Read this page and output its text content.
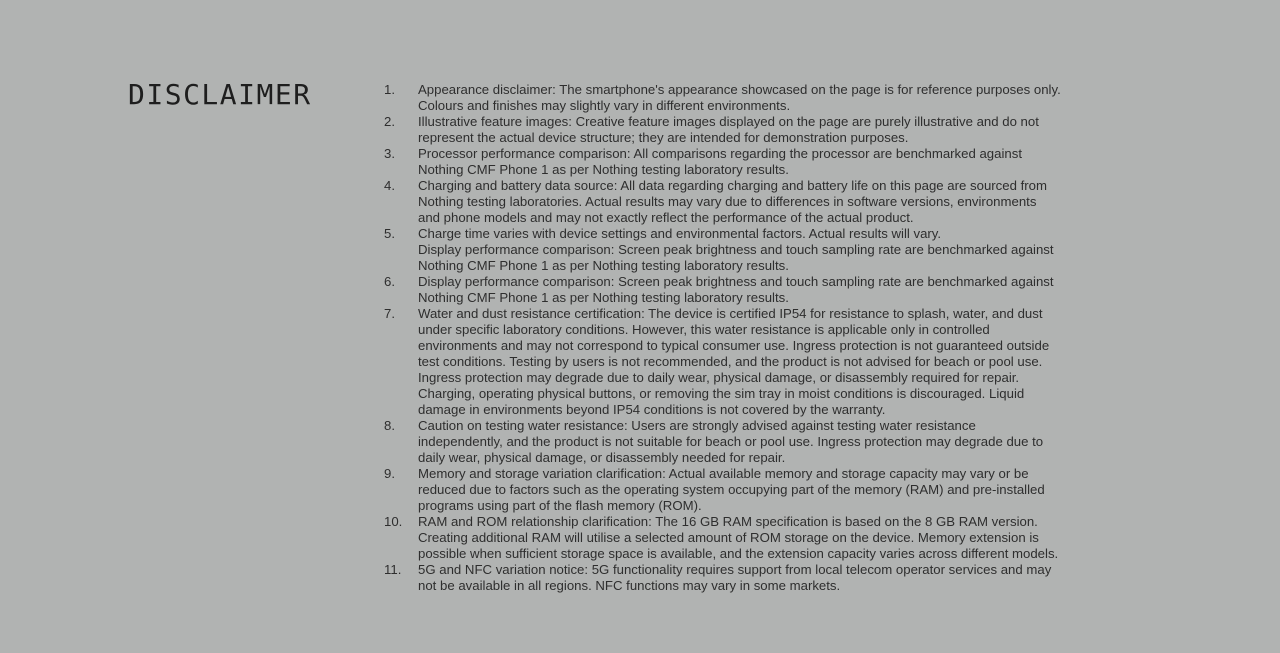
DISCLAIMER	1. Appearance disclaimer: The smartphone's appearance showcased on the page is for reference purposes only.
Colours and finishes may slightly vary in different environments.
2. Illustrative feature images: Creative feature images displayed on the page are purely illustrative and do not
represent the actual device structure; they are intended for demonstration purposes.
3. Processor performance comparison: All comparisons regarding the processor are benchmarked against
Nothing CMF Phone 1 as per Nothing testing laboratory results.
4. Charging and battery data source: All data regarding charging and battery life on this page are sourced from
Nothing testing laboratories. Actual results may vary due to differences in software versions, environments
and phone models and may not exactly reflect the performance of the actual product.
5. Charge time varies with device settings and environmental factors. Actual results will vary.
Display performance comparison: Screen peak brightness and touch sampling rate are benchmarked against
Nothing CMF Phone 1 as per Nothing testing laboratory results.
6. Display performance comparison: Screen peak brightness and touch sampling rate are benchmarked against
Nothing CMF Phone 1 as per Nothing testing laboratory results.
7. Water and dust resistance certification: The device is certified IP54 for resistance to splash, water, and dust
under specific laboratory conditions. However, this water resistance is applicable only in controlled
environments and may not correspond to typical consumer use. Ingress protection is not guaranteed outside
test conditions. Testing by users is not recommended, and the product is not advised for beach or pool use.
Ingress protection may degrade due to daily wear, physical damage, or disassembly required for repair.
Charging, operating physical buttons, or removing the sim tray in moist conditions is discouraged. Liquid
damage in environments beyond IP54 conditions is not covered by the warranty.
8. Caution on testing water resistance: Users are strongly advised against testing water resistance
independently, and the product is not suitable for beach or pool use. Ingress protection may degrade due to
daily wear, physical damage, or disassembly needed for repair.
9. Memory and storage variation clarification: Actual available memory and storage capacity may vary or be
reduced due to factors such as the operating system occupying part of the memory (RAM) and pre-installed
programs using part of the flash memory (ROM).
10. RAM and ROM relationship clarification: The 16 GB RAM specification is based on the 8 GB RAM version.
Creating additional RAM will utilise a selected amount of ROM storage on the device. Memory extension is
possible when sufficient storage space is available, and the extension capacity varies across different models.
11. 5G and NFC variation notice: 5G functionality requires support from local telecom operator services and may
not be available in all regions. NFC functions may vary in some markets.
